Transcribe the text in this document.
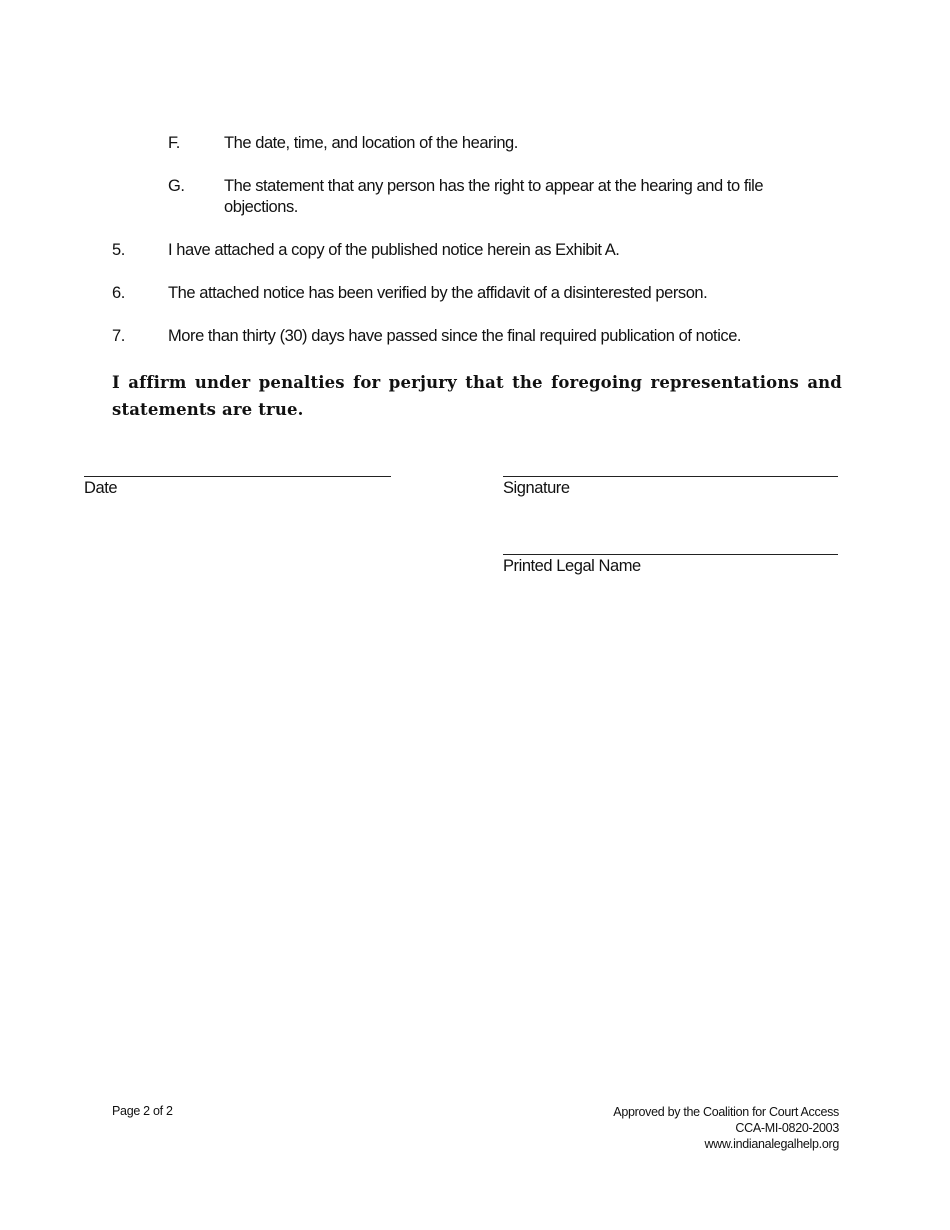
F.	The date, time, and location of the hearing.
G. The statement that any person has the right to appear at the hearing and to file objections.
5.	I have attached a copy of the published notice herein as Exhibit A.
6.	The attached notice has been verified by the affidavit of a disinterested person.
7.	More than thirty (30) days have passed since the final required publication of notice.
I affirm under penalties for perjury that the foregoing representations and statements are true.
Date	Signature
Printed Legal Name
Page 2 of 2	Approved by the Coalition for Court Access
CCA-MI-0820-2003
www.indianalegalhelp.org
